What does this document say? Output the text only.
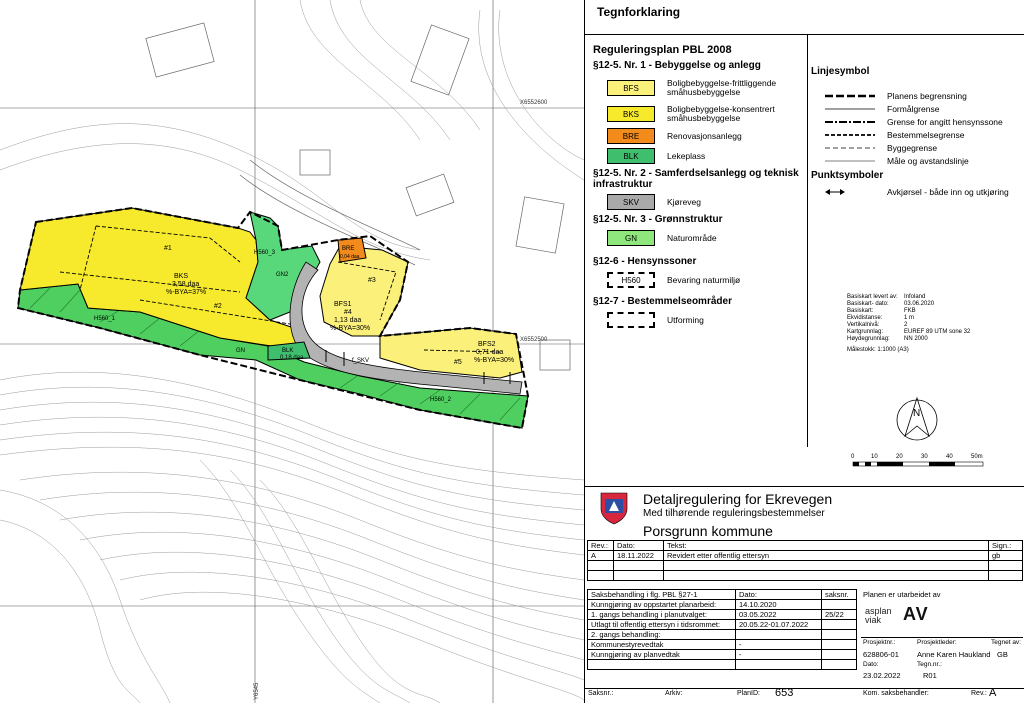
X6552600
X6552500
Y6545
#1
#2
#3
#4
#5
BKS
3,58 daa
%-BYA=37%
BFS1
1,13 daa
%-BYA=30%
BFS2
0,71 daa
%-BYA=30%
BRE
0,04 daa
BLK
0,18 daa	f_SKV
GN
GN2
H560_1
H560_2
H560_3
Tegnforklaring
Reguleringsplan PBL 2008
§12-5. Nr. 1 - Bebyggelse og anlegg
BFS	Boligbebyggelse-frittliggende småhusbebyggelse
BKS	Boligbebyggelse-konsentrert småhusbebyggelse
BRE	Renovasjonsanlegg
BLK	Lekeplass
§12-5. Nr. 2 - Samferdselsanlegg og teknisk infrastruktur
SKV	Kjøreveg
§12-5. Nr. 3 - Grønnstruktur
GN	Naturområde
§12-6 - Hensynssoner
H560	Bevaring naturmiljø
§12-7 - Bestemmelseområder
Utforming
Linjesymbol
Planens begrensning
Formålgrense
Grense for angitt hensynssone
Bestemmelsegrense
Byggegrense
Måle og avstandslinje
Punktsymboler
Avkjørsel - både inn og utkjøring
Basiskart levert av:	Infoland
Basiskart- dato:	03.06.2020
Basiskart:	FKB
Ekvidistanse:	1 m
Vertikalnivå:	2
Kartgrunnlag:	EUREF 89 UTM sone 32
Høydegrunnlag:	NN 2000
Målestokk: 1:1000 (A3)
N
0	10	20	30	40	50m
Detaljregulering for Ekrevegen
Med tilhørende reguleringsbestemmelser
Porsgrunn kommune
Rev.:	Dato:	Tekst:	Sign.:
A	18.11.2022	Revidert etter offentlig ettersyn	gb

Saksbehandling i flg. PBL §27-1	Dato:	saksnr.
Kunngjøring av oppstartet planarbeid:	14.10.2020	
1. gangs behandling i planutvalget:	03.05.2022	25/22
Utlagt til offentlig ettersyn i tidsrommet:	20.05.22-01.07.2022	
2. gangs behandling:		
Kommunestyrevedtak	-	
Kunngjøring av planvedtak	-	

Planen er utarbeidet av
asplan
viak	AV
Prosjektnr.:	Prosjektleder:	Tegnet av:
628806-01 Anne Karen Haukland GB
Dato:	Tegn.nr.:
23.02.2022	R01
Saksnr.:	Arkiv:	PlanID: 653	Kom. saksbehandler:	Rev.: A
